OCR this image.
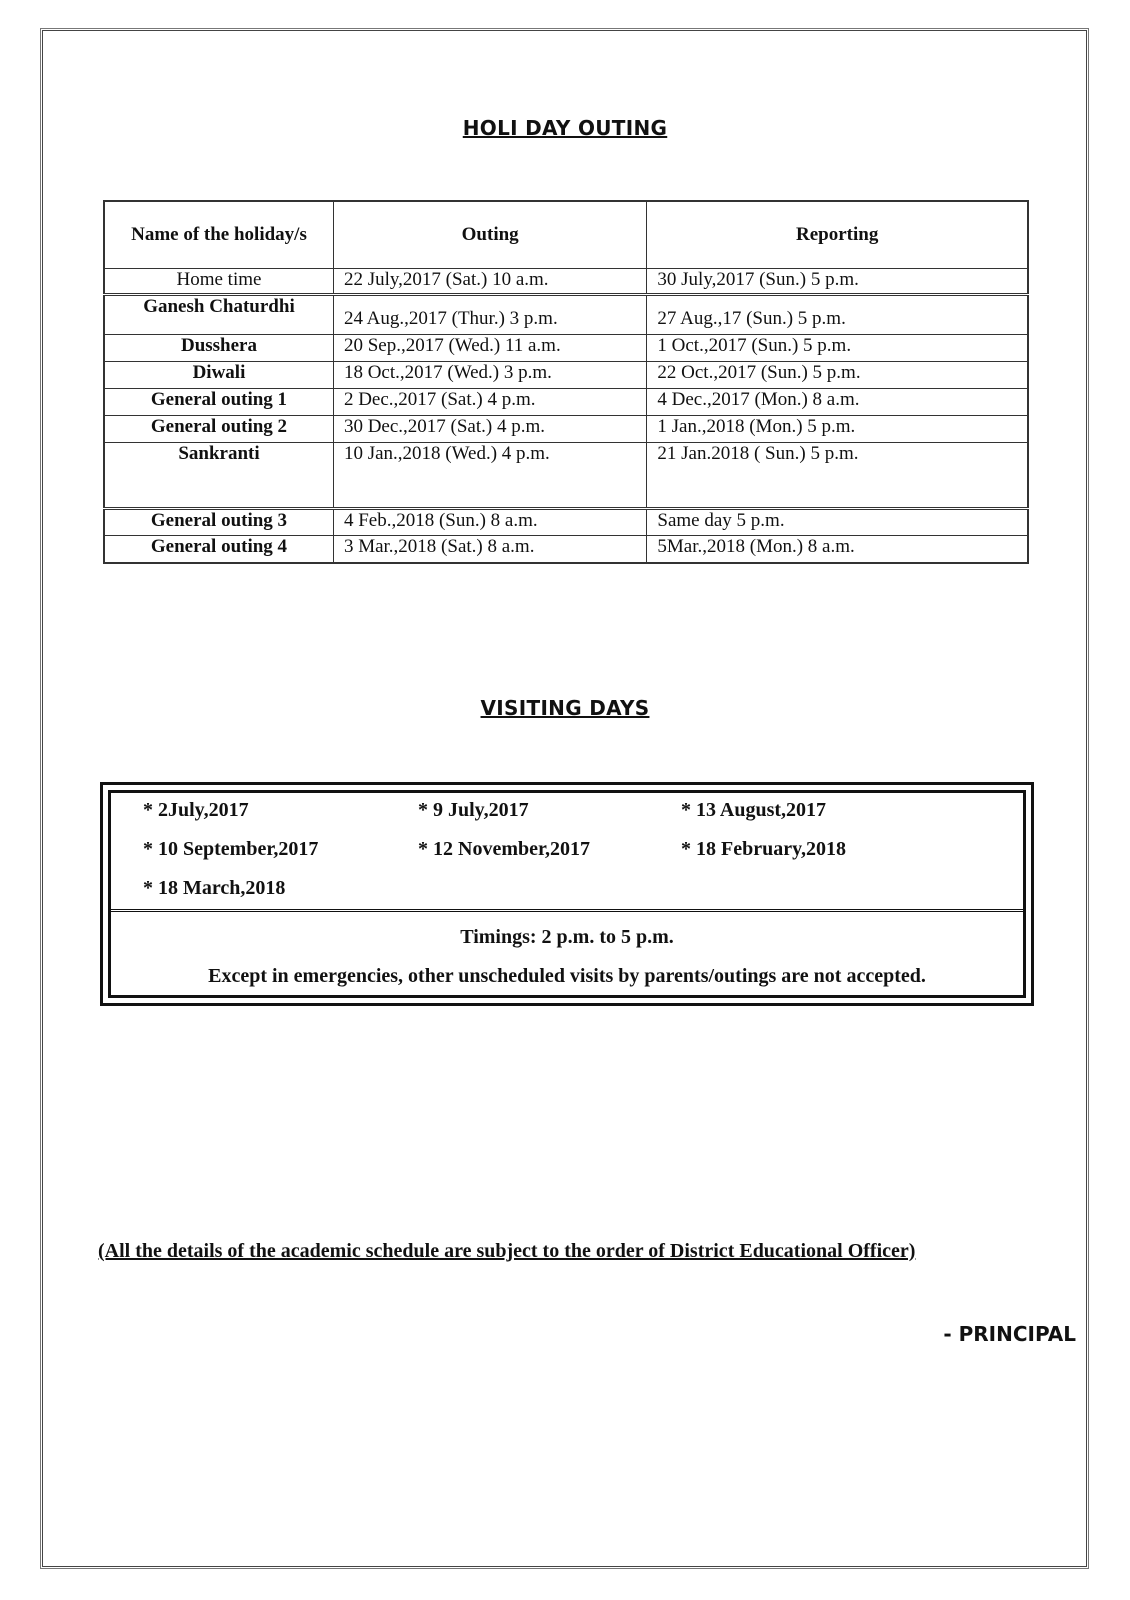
HOLI DAY OUTING
Name of the holiday/s	Outing	Reporting
Home time	22 July,2017 (Sat.) 10 a.m.	30 July,2017 (Sun.) 5 p.m.
Ganesh Chaturdhi	24 Aug.,2017 (Thur.) 3 p.m.	27 Aug.,17 (Sun.) 5 p.m.
Dusshera	20 Sep.,2017 (Wed.) 11 a.m.	1 Oct.,2017 (Sun.) 5 p.m.
Diwali	18 Oct.,2017 (Wed.) 3 p.m.	22 Oct.,2017 (Sun.) 5 p.m.
General outing 1	2 Dec.,2017 (Sat.) 4 p.m.	4 Dec.,2017 (Mon.) 8 a.m.
General outing 2	30 Dec.,2017 (Sat.) 4 p.m.	1 Jan.,2018 (Mon.) 5 p.m.
Sankranti	10 Jan.,2018 (Wed.) 4 p.m.	21 Jan.2018 ( Sun.) 5 p.m.
General outing 3	4 Feb.,2018 (Sun.) 8 a.m.	Same day 5 p.m.
General outing 4	3 Mar.,2018 (Sat.) 8 a.m.	5Mar.,2018 (Mon.) 8 a.m.
VISITING DAYS
* 2July,2017	* 9 July,2017	* 13 August,2017
* 10 September,2017	* 12 November,2017	* 18 February,2018
* 18 March,2018
Timings: 2 p.m. to 5 p.m.
Except in emergencies, other unscheduled visits by parents/outings are not accepted.
(All the details of the academic schedule are subject to the order of District Educational Officer)
- PRINCIPAL
